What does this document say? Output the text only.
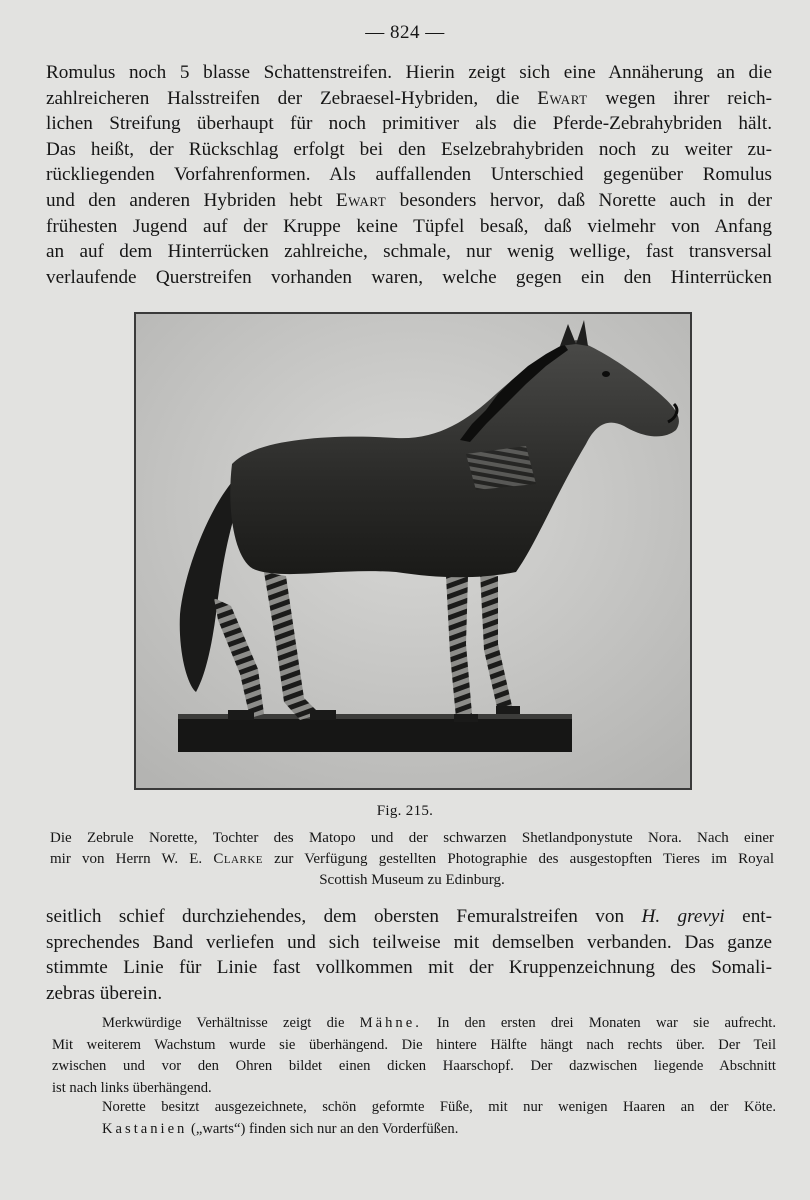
— 824 —
Romulus noch 5 blasse Schattenstreifen. Hierin zeigt sich eine Annäherung an die
zahlreicheren Halsstreifen der Zebraesel-Hybriden, die Ewart wegen ihrer reich-
lichen Streifung überhaupt für noch primitiver als die Pferde-Zebrahybriden hält.
Das heißt, der Rückschlag erfolgt bei den Eselzebrahybriden noch zu weiter zu-
rückliegenden Vorfahrenformen. Als auffallenden Unterschied gegenüber Romulus
und den anderen Hybriden hebt Ewart besonders hervor, daß Norette auch in der
frühesten Jugend auf der Kruppe keine Tüpfel besaß, daß vielmehr von Anfang
an auf dem Hinterrücken zahlreiche, schmale, nur wenig wellige, fast transversal
verlaufende Querstreifen vorhanden waren, welche gegen ein den Hinterrücken
Fig. 215.
Die Zebrule Norette, Tochter des Matopo und der schwarzen Shetlandponystute Nora. Nach einer
mir von Herrn W. E. Clarke zur Verfügung gestellten Photographie des ausgestopften Tieres im Royal
Scottish Museum zu Edinburg.
seitlich schief durchziehendes, dem obersten Femuralstreifen von H. grevyi ent-
sprechendes Band verliefen und sich teilweise mit demselben verbanden. Das ganze
stimmte Linie für Linie fast vollkommen mit der Kruppenzeichnung des Somali-
zebras überein.
Merkwürdige Verhältnisse zeigt die Mähne. In den ersten drei Monaten war sie aufrecht.
Mit weiterem Wachstum wurde sie überhängend. Die hintere Hälfte hängt nach rechts über. Der Teil
zwischen und vor den Ohren bildet einen dicken Haarschopf. Der dazwischen liegende Abschnitt
ist nach links überhängend.
Norette besitzt ausgezeichnete, schön geformte Füße, mit nur wenigen Haaren an der Köte.
Kastanien („warts“) finden sich nur an den Vorderfüßen.
